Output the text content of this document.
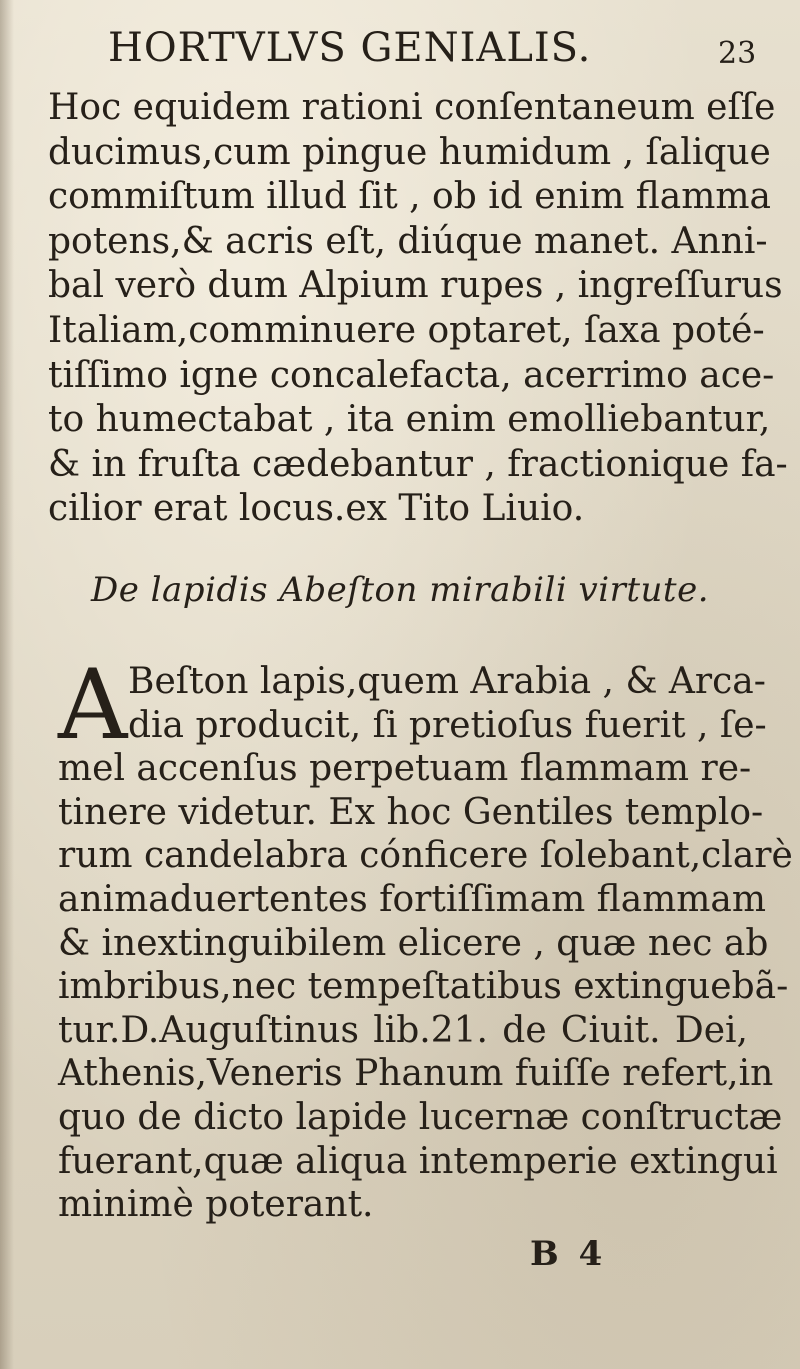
HORTVLVS GENIALIS.	23
Hoc equidem rationi conſentaneum eſſe
ducimus,cum pingue humidum , ſalique
commiſtum illud ſit , ob id enim flamma
potens,& acris eſt, diúque manet. Anni-
bal verò dum Alpium rupes , ingreſſurus
Italiam,comminuere optaret, ſaxa poté-
tiſſimo igne concalefacta, acerrimo ace-
to humectabat , ita enim emolliebantur,
& in fruſta cædebantur , fractionique fa-
cilior erat locus.ex Tito Liuio.
De lapidis Abeſton mirabili virtute.
A Beſton lapis,quem Arabia , & Arca-
dia producit, ſi pretioſus fuerit , ſe-
mel accenſus perpetuam flammam re-
tinere videtur. Ex hoc Gentiles templo-
rum candelabra cónficere ſolebant,clarè
animaduertentes fortiſſimam flammam
& inextinguibilem elicere , quæ nec ab
imbribus,nec tempeſtatibus extinguebã-
tur.D.Auguſtinus lib.21. de Ciuit. Dei,
Athenis,Veneris Phanum fuiſſe refert,in
quo de dicto lapide lucernæ conſtructæ
fuerant,quæ aliqua intemperie extingui
minimè poterant.
B 4
